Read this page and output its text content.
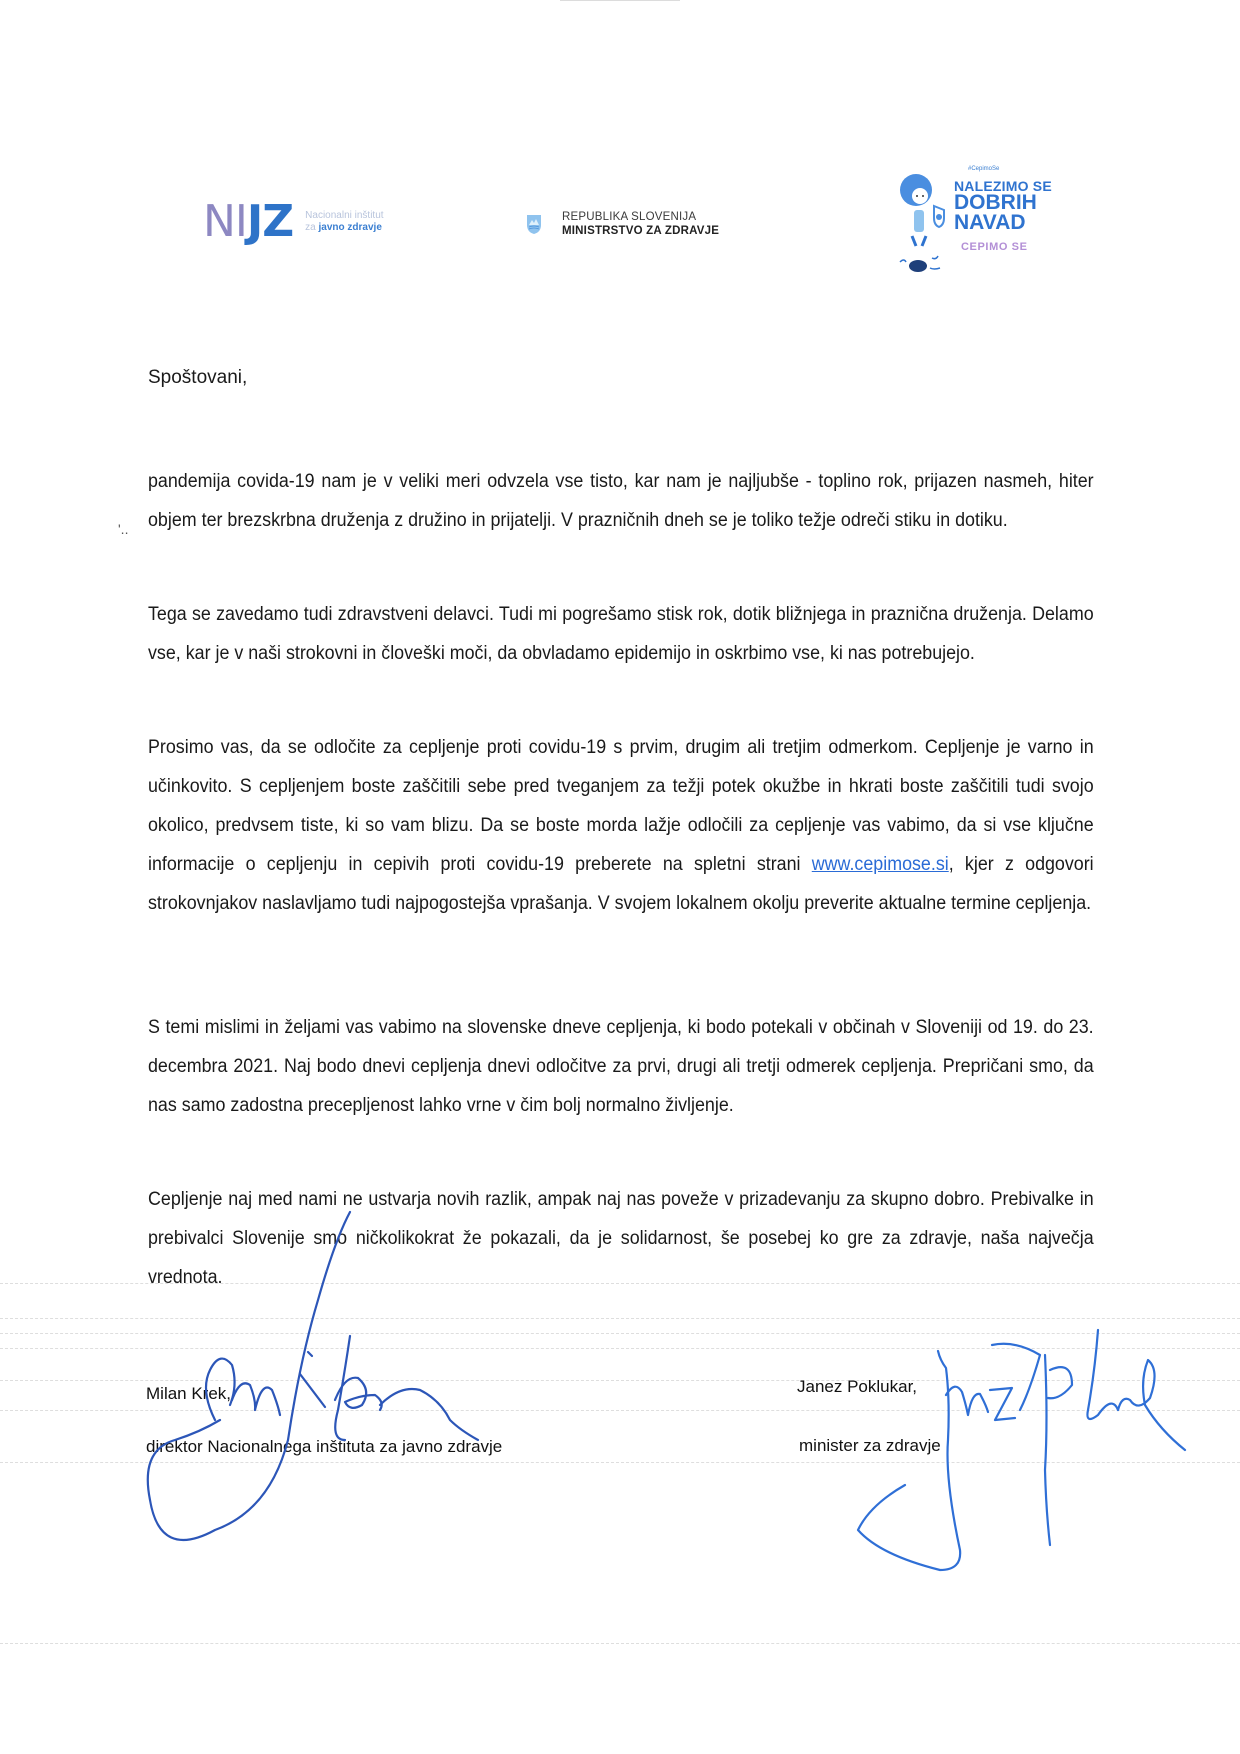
NIJZ Nacionalni inštitut
za javno zdravje
REPUBLIKA SLOVENIJA
MINISTRSTVO ZA ZDRAVJE
#CepimoSe
NALEZIMO SE
DOBRIH
NAVAD
CEPIMO SE
Spoštovani,
'..

pandemija covida-19 nam je v veliki meri odvzela vse tisto, kar nam je najljubše - toplino rok, prijazen nasmeh, hiter objem ter brezskrbna druženja z družino in prijatelji. V prazničnih dneh se je toliko težje odreči stiku in dotiku.

Tega se zavedamo tudi zdravstveni delavci. Tudi mi pogrešamo stisk rok, dotik bližnjega in praznična druženja. Delamo vse, kar je v naši strokovni in človeški moči, da obvladamo epidemijo in oskrbimo vse, ki nas potrebujejo.

Prosimo vas, da se odločite za cepljenje proti covidu-19 s prvim, drugim ali tretjim odmerkom. Cepljenje je varno in učinkovito. S cepljenjem boste zaščitili sebe pred tveganjem za težji potek okužbe in hkrati boste zaščitili tudi svojo okolico, predvsem tiste, ki so vam blizu. Da se boste morda lažje odločili za cepljenje vas vabimo, da si vse ključne informacije o cepljenju in cepivih proti covidu-19 preberete na spletni strani www.cepimose.si, kjer z odgovori strokovnjakov naslavljamo tudi najpogostejša vprašanja. V svojem lokalnem okolju preverite aktualne termine cepljenja.

S temi mislimi in željami vas vabimo na slovenske dneve cepljenja, ki bodo potekali v občinah v Sloveniji od 19. do 23. decembra 2021. Naj bodo dnevi cepljenja dnevi odločitve za prvi, drugi ali tretji odmerek cepljenja. Prepričani smo, da nas samo zadostna precepljenost lahko vrne v čim bolj normalno življenje.

Cepljenje naj med nami ne ustvarja novih razlik, ampak naj nas poveže v prizadevanju za skupno dobro. Prebivalke in prebivalci Slovenije smo ničkolikokrat že pokazali, da je solidarnost, še posebej ko gre za zdravje, naša največja vrednota.

Milan Krek,
direktor Nacionalnega inštituta za javno zdravje
Janez Poklukar,
minister za zdravje
